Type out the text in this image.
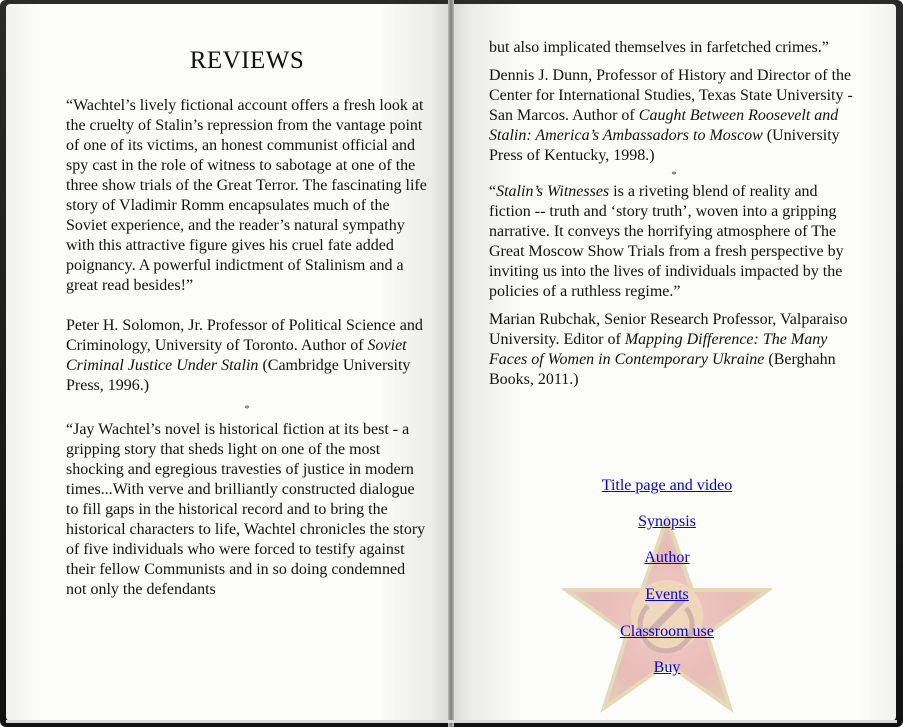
REVIEWS

“Wachtel’s lively fictional account offers a fresh look at the cruelty of Stalin’s repression from the vantage point of one of its victims, an honest communist official and spy cast in the role of witness to sabotage at one of the three show trials of the Great Terror. The fascinating life story of Vladimir Romm encapsulates much of the Soviet experience, and the reader’s natural sympathy with this attractive figure gives his cruel fate added poignancy. A powerful indictment of Stalinism and a great read besides!”

Peter H. Solomon, Jr. Professor of Political Science and Criminology, University of Toronto. Author of Soviet Criminal Justice Under Stalin (Cambridge University Press, 1996.)

*

“Jay Wachtel’s novel is historical fiction at its best - a gripping story that sheds light on one of the most shocking and egregious travesties of justice in modern times...With verve and brilliantly constructed dialogue to fill gaps in the historical record and to bring the historical characters to life, Wachtel chronicles the story of five individuals who were forced to testify against their fellow Communists and in so doing condemned not only the defendants

but also implicated themselves in farfetched crimes.”

Dennis J. Dunn, Professor of History and Director of the Center for International Studies, Texas State University - San Marcos. Author of Caught Between Roosevelt and Stalin: America’s Ambassadors to Moscow (University Press of Kentucky, 1998.)

*

“Stalin’s Witnesses is a riveting blend of reality and fiction -- truth and ‘story truth’, woven into a gripping narrative. It conveys the horrifying atmosphere of The Great Moscow Show Trials from a fresh perspective by inviting us into the lives of individuals impacted by the policies of a ruthless regime.”

Marian Rubchak, Senior Research Professor, Valparaiso University. Editor of Mapping Difference: The Many Faces of Women in Contemporary Ukraine (Berghahn Books, 2011.)

Title page and video
Synopsis
Author
Events
Classroom use
Buy
